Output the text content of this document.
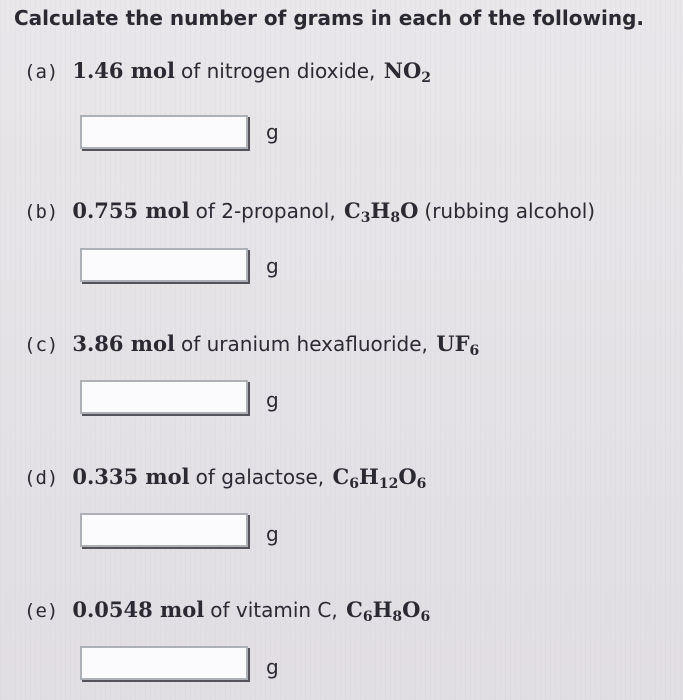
Calculate the number of grams in each of the following.
(a) 1.46 mol of nitrogen dioxide, $NO_2$
g
(b) 0.755 mol of 2-propanol, $C_3H_8O$ (rubbing alcohol)
g
(c) 3.86 mol of uranium hexafluoride, $UF_6$
g
(d) 0.335 mol of galactose, $C_6H_{12}O_6$
g
(e) 0.0548 mol of vitamin C, $C_6H_8O_6$
g
